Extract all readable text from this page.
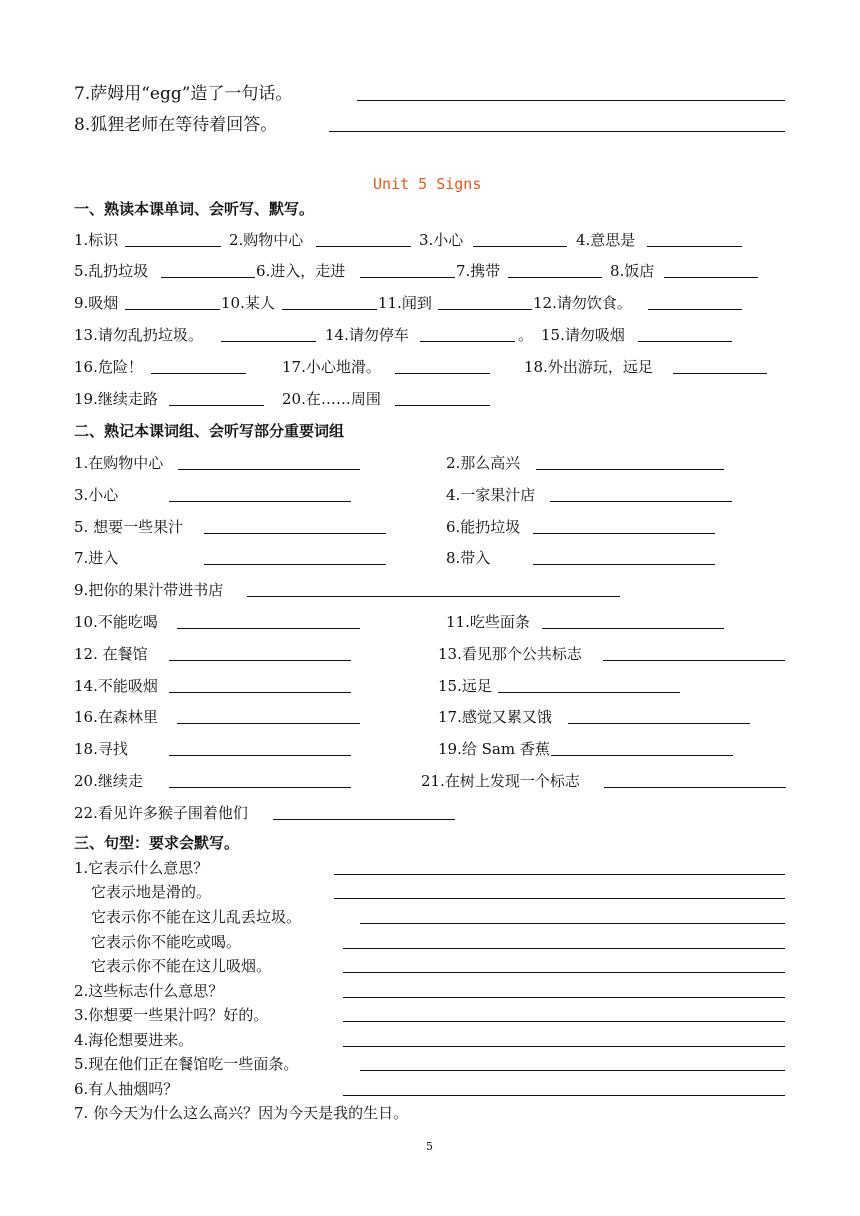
7.萨姆用“egg”造了一句话。
8.狐狸老师在等待着回答。
Unit 5 Signs
一、熟读本课单词、会听写、默写。
1.标识	2.购物中心	3.小心	4.意思是
5.乱扔垃圾	6.进入，走进	7.携带	8.饭店
9.吸烟	10.某人	11.闻到	12.请勿饮食。
13.请勿乱扔垃圾。	14.请勿停车	。 15.请勿吸烟
16.危险！	17.小心地滑。	18.外出游玩，远足
19.继续走路	20.在……周围
二、熟记本课词组、会听写部分重要词组
1.在购物中心	2.那么高兴
3.小心	4.一家果汁店
5. 想要一些果汁	6.能扔垃圾
7.进入	8.带入
9.把你的果汁带进书店
10.不能吃喝	11.吃些面条
12. 在餐馆	13.看见那个公共标志
14.不能吸烟	15.远足
16.在森林里	17.感觉又累又饿
18.寻找	19.给 Sam 香蕉
20.继续走	21.在树上发现一个标志
22.看见许多猴子围着他们
三、句型：要求会默写。
1.它表示什么意思？
它表示地是滑的。
它表示你不能在这儿乱丢垃圾。
它表示你不能吃或喝。
它表示你不能在这儿吸烟。
2.这些标志什么意思？
3.你想要一些果汁吗？好的。
4.海伦想要进来。
5.现在他们正在餐馆吃一些面条。
6.有人抽烟吗？
7. 你今天为什么这么高兴？因为今天是我的生日。
5
